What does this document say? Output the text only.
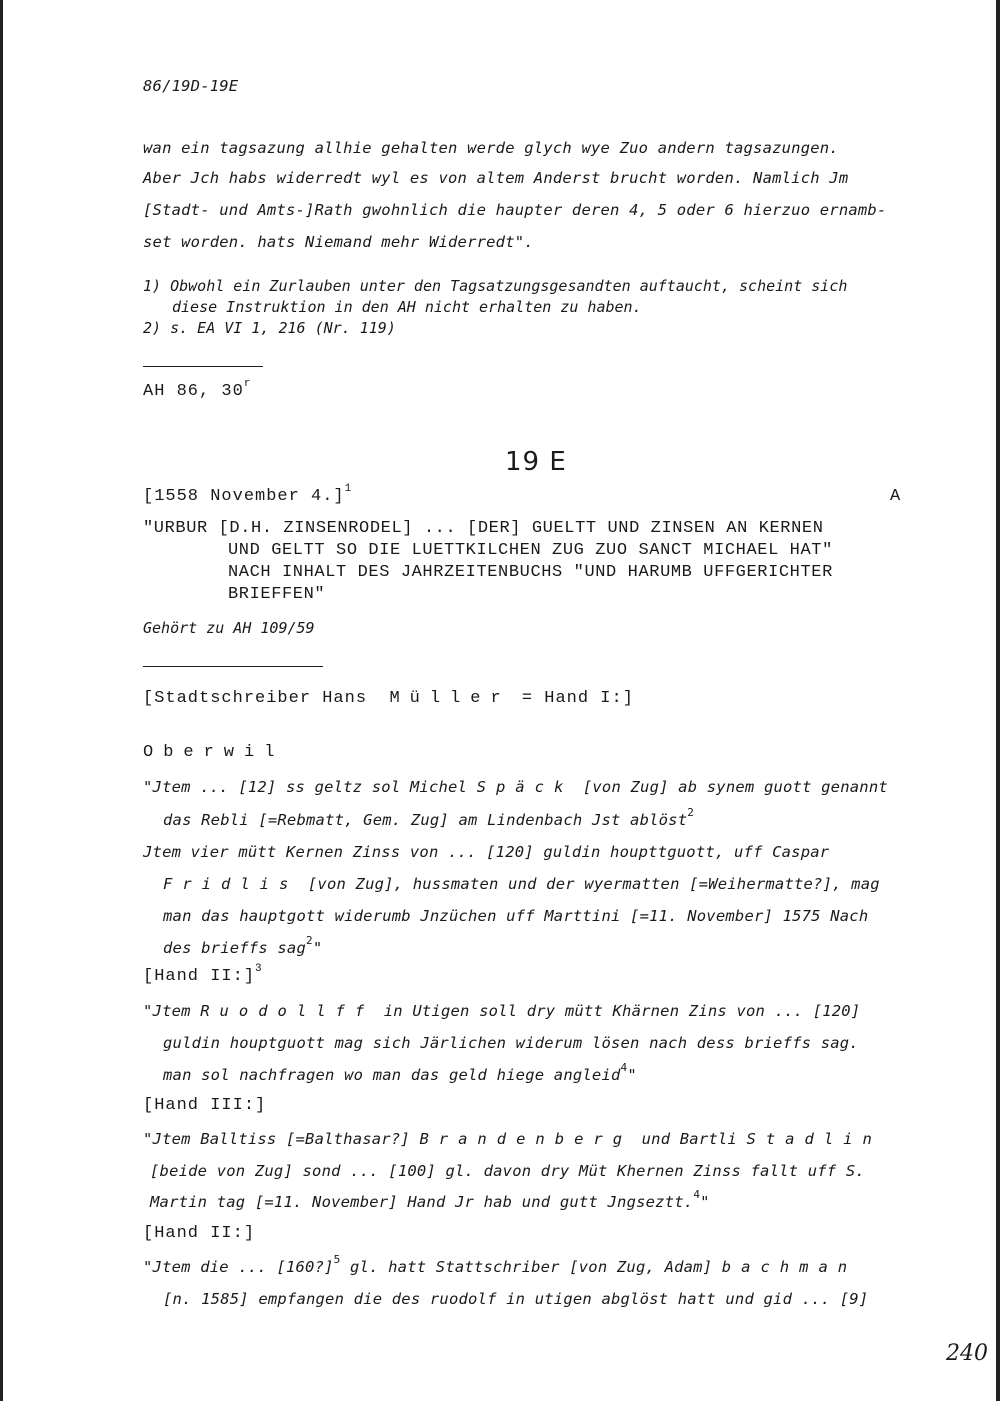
86/19D-19E
wan ein tagsazung allhie gehalten werde glych wye Zuo andern tagsazungen.
Aber Jch habs widerredt wyl es von altem Anderst brucht worden. Namlich Jm
[Stadt- und Amts-]Rath gwohnlich die haupter deren 4, 5 oder 6 hierzuo ernamb-
set worden. hats Niemand mehr Widerredt".
1) Obwohl ein Zurlauben unter den Tagsatzungsgesandten auftaucht, scheint sich
diese Instruktion in den AH nicht erhalten zu haben.
2) s. EA VI 1, 216 (Nr. 119)
AH 86, 30$^r$
19 E
[1558 November 4.]$^1$	A
"URBUR [D.H. ZINSENRODEL] ... [DER] GUELTT UND ZINSEN AN KERNEN
UND GELTT SO DIE LUETTKILCHEN ZUG ZUO SANCT MICHAEL HAT"
NACH INHALT DES JAHRZEITENBUCHS "UND HARUMB UFFGERICHTER
BRIEFFEN"
Gehört zu AH 109/59
[Stadtschreiber Hans Müller = Hand I:]
Oberwil
"Jtem ... [12] ss geltz sol Michel Späck [von Zug] ab synem guott genannt
das Rebli [=Rebmatt, Gem. Zug] am Lindenbach Jst ablöst$^2$
Jtem vier mütt Kernen Zinss von ... [120] guldin houpttguott, uff Caspar
Fridlis [von Zug], hussmaten und der wyermatten [=Weihermatte?], mag
man das hauptgott widerumb Jnzüchen uff Marttini [=11. November] 1575 Nach
des brieffs sag$^2$"
[Hand II:]$^3$
"Jtem Ruodollff in Utigen soll dry mütt Khärnen Zins von ... [120]
guldin houptguott mag sich Järlichen widerum lösen nach dess brieffs sag.
man sol nachfragen wo man das geld hiege angleid$^4$"
[Hand III:]
"Jtem Balltiss [=Balthasar?] Brandenberg und Bartli Stadlin
[beide von Zug] sond ... [100] gl. davon dry Müt Khernen Zinss fallt uff S.
Martin tag [=11. November] Hand Jr hab und gutt Jngseztt.$^4$"
[Hand II:]
"Jtem die ... [160?]$^5$ gl. hatt Stattschriber [von Zug, Adam] bachman
[n. 1585] empfangen die des ruodolf in utigen abglöst hatt und gid ... [9]
240
